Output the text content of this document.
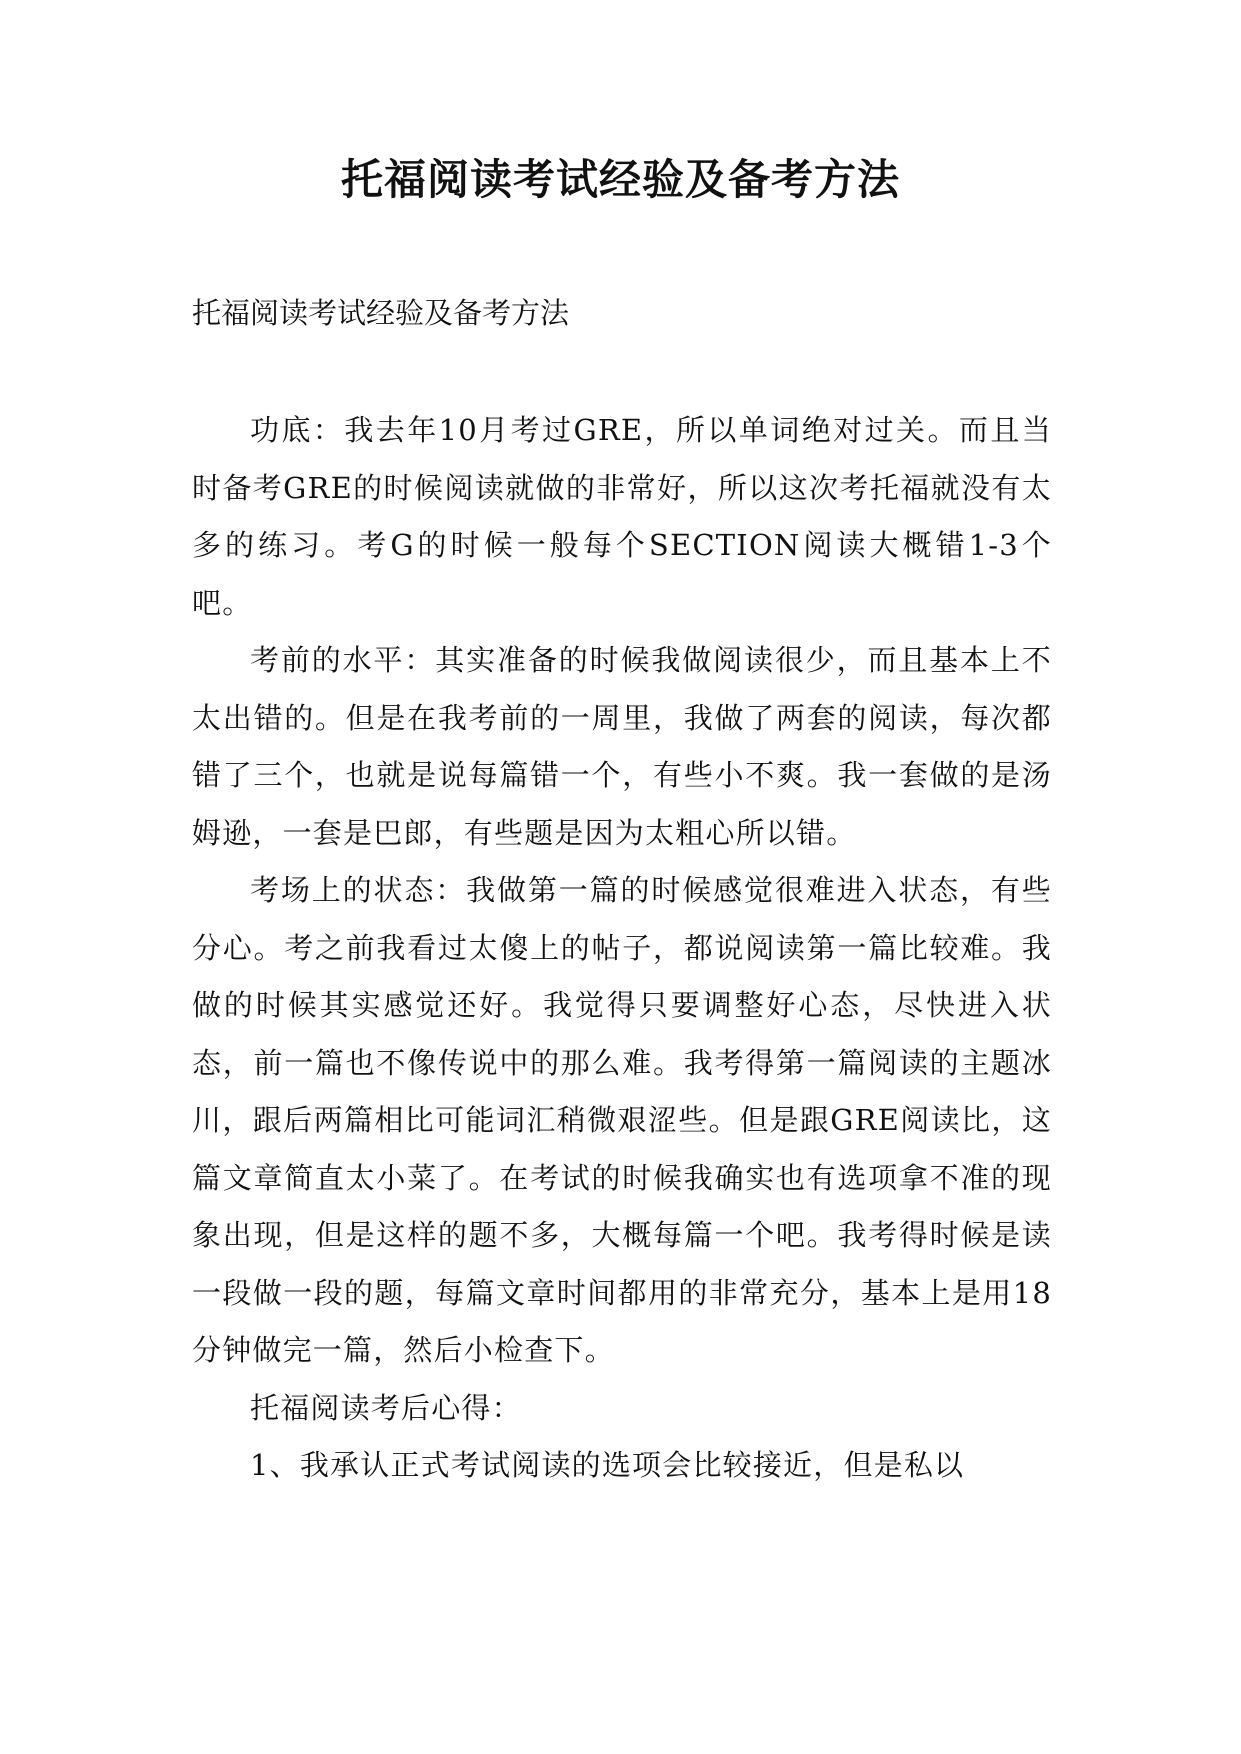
托福阅读考试经验及备考方法

托福阅读考试经验及备考方法

功底：我去年10月考过GRE，所以单词绝对过关。而且当时备考GRE的时候阅读就做的非常好，所以这次考托福就没有太多的练习。考G的时候一般每个SECTION阅读大概错1-3个吧。

考前的水平：其实准备的时候我做阅读很少，而且基本上不太出错的。但是在我考前的一周里，我做了两套的阅读，每次都错了三个，也就是说每篇错一个，有些小不爽。我一套做的是汤姆逊，一套是巴郎，有些题是因为太粗心所以错。

考场上的状态：我做第一篇的时候感觉很难进入状态，有些分心。考之前我看过太傻上的帖子，都说阅读第一篇比较难。我做的时候其实感觉还好。我觉得只要调整好心态，尽快进入状态，前一篇也不像传说中的那么难。我考得第一篇阅读的主题冰川，跟后两篇相比可能词汇稍微艰涩些。但是跟GRE阅读比，这篇文章简直太小菜了。在考试的时候我确实也有选项拿不准的现象出现，但是这样的题不多，大概每篇一个吧。我考得时候是读一段做一段的题，每篇文章时间都用的非常充分，基本上是用18分钟做完一篇，然后小检查下。

托福阅读考后心得：

1、我承认正式考试阅读的选项会比较接近，但是私以
